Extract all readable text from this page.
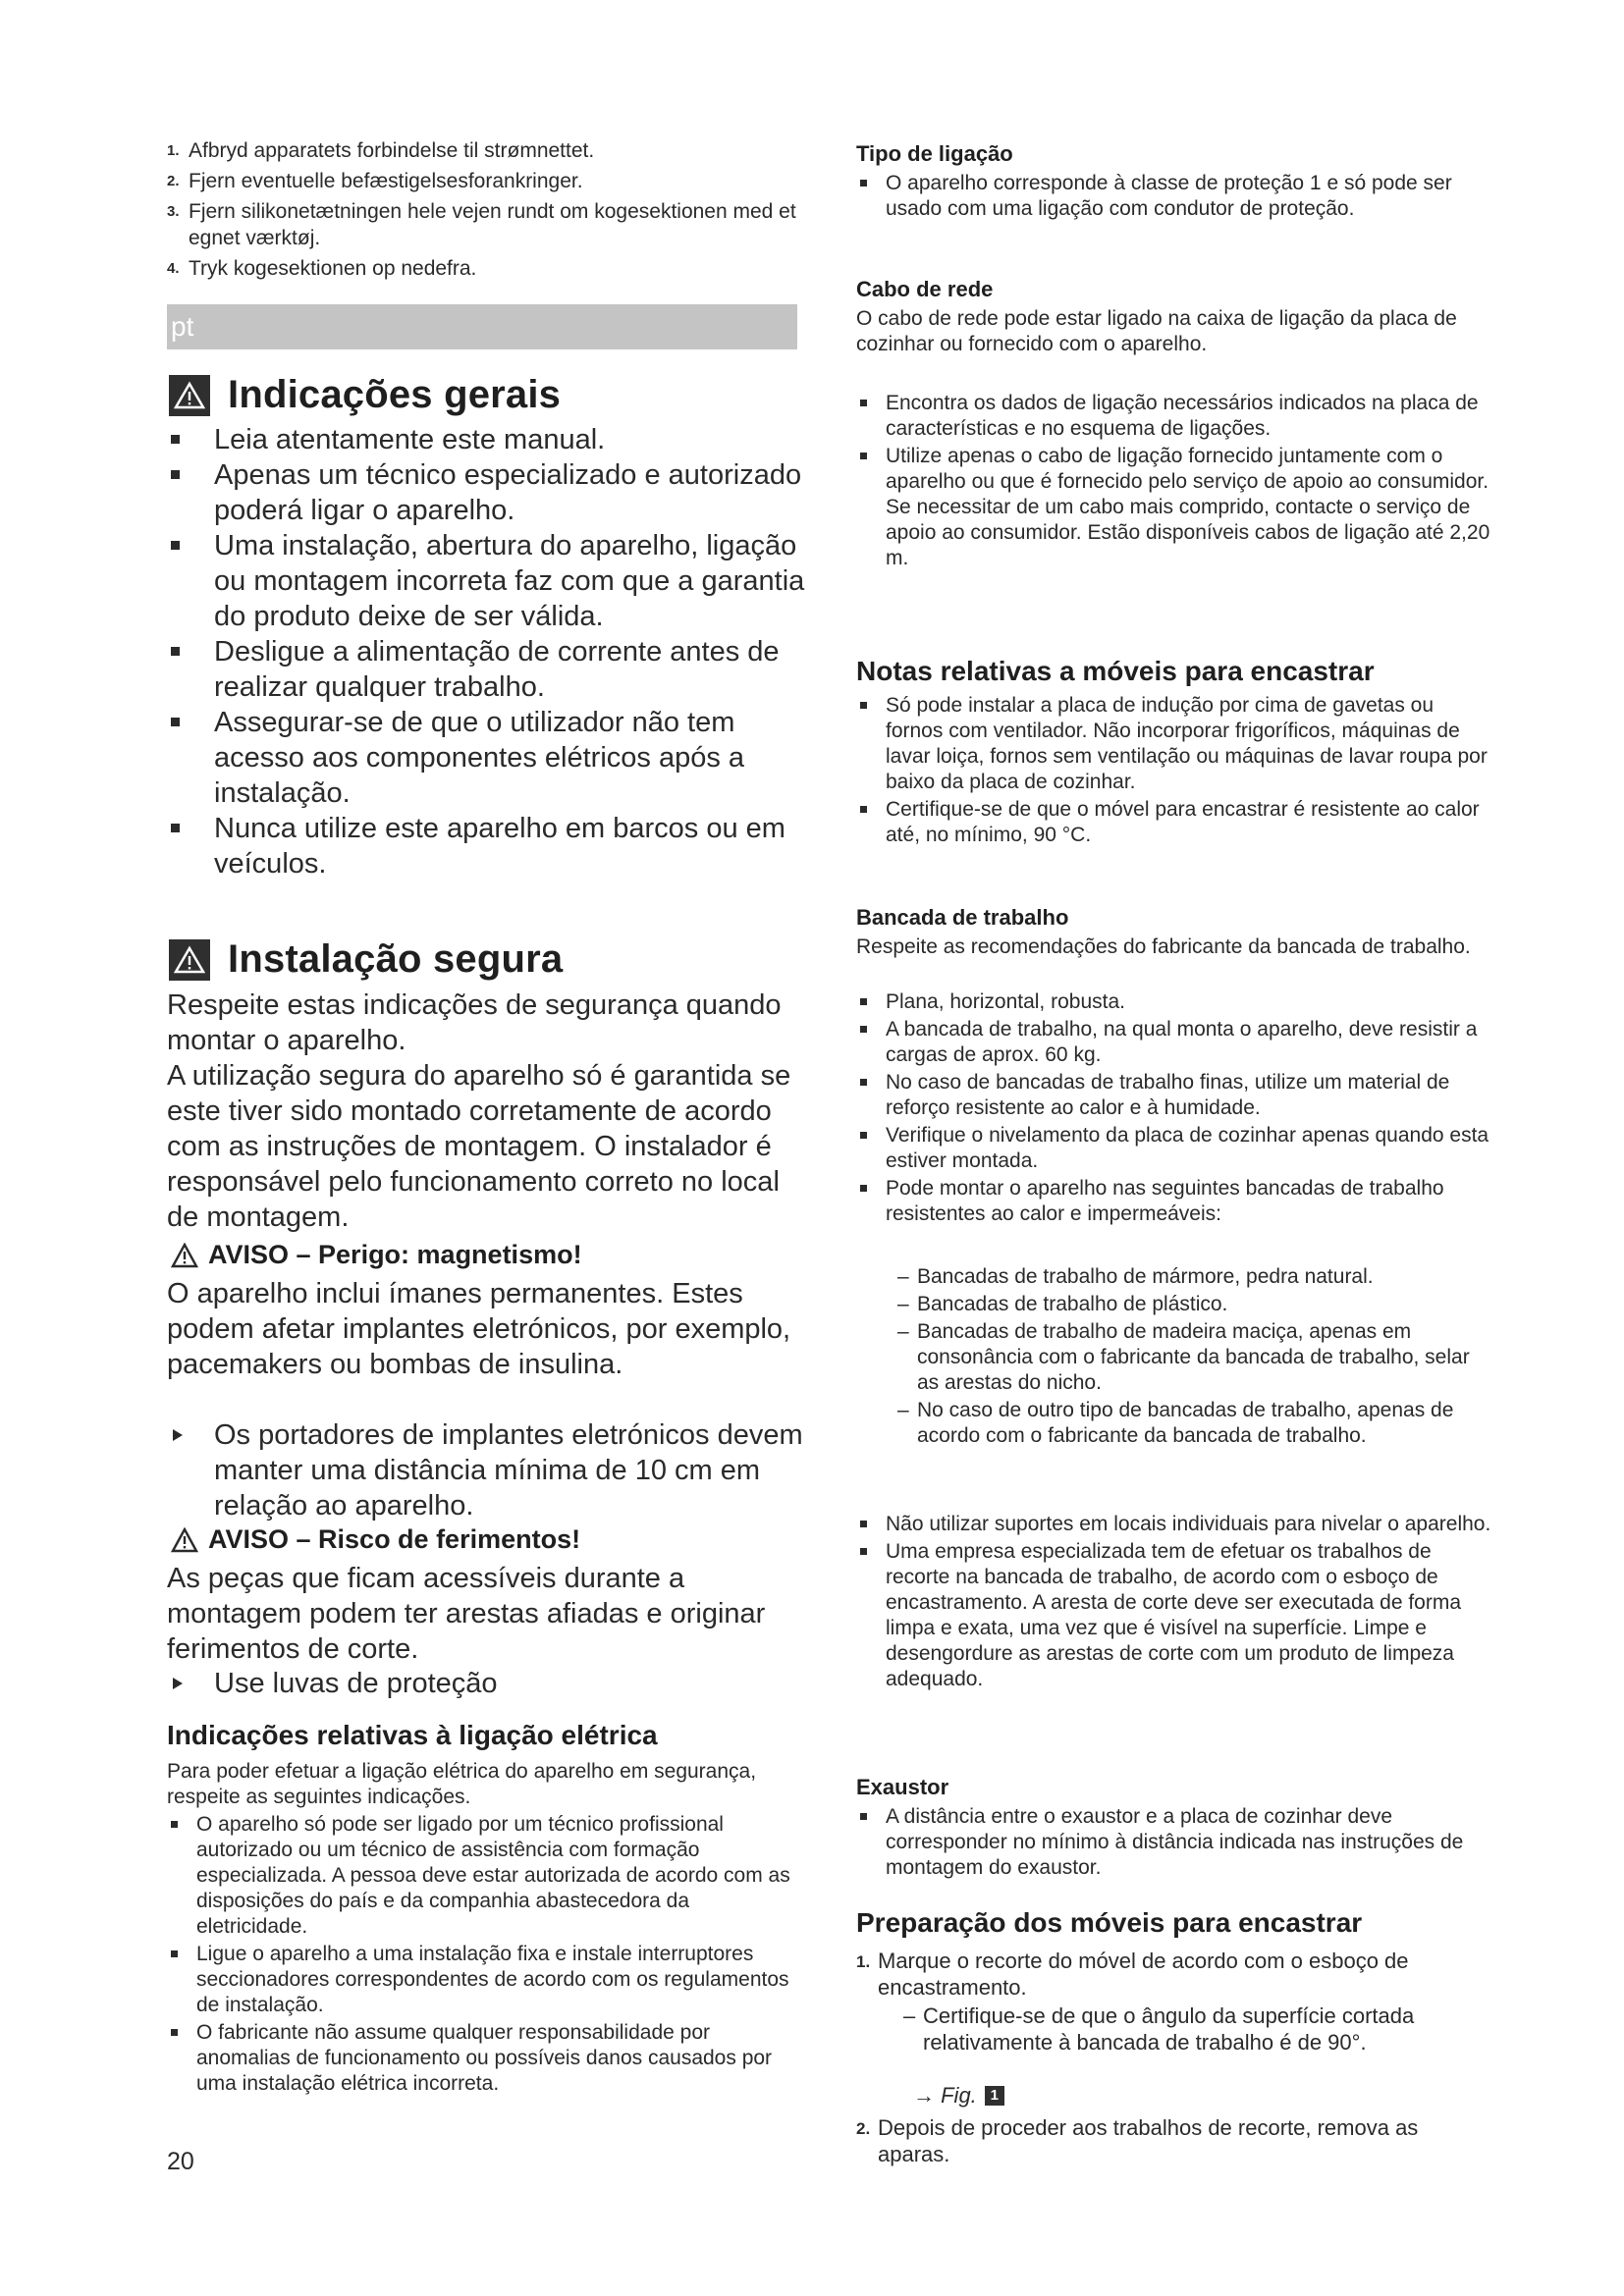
1. Afbryd apparatets forbindelse til strømnettet.
2. Fjern eventuelle befæstigelsesforankringer.
3. Fjern silikonetætningen hele vejen rundt om kogesektionen med et egnet værktøj.
4. Tryk kogesektionen op nedefra.
pt
Indicações gerais
Leia atentamente este manual.
Apenas um técnico especializado e autorizado poderá ligar o aparelho.
Uma instalação, abertura do aparelho, ligação ou montagem incorreta faz com que a garantia do produto deixe de ser válida.
Desligue a alimentação de corrente antes de realizar qualquer trabalho.
Assegurar-se de que o utilizador não tem acesso aos componentes elétricos após a instalação.
Nunca utilize este aparelho em barcos ou em veículos.
Instalação segura

Respeite estas indicações de segurança quando montar o aparelho.

A utilização segura do aparelho só é garantida se este tiver sido montado corretamente de acordo com as instruções de montagem. O instalador é responsável pelo funcionamento correto no local de montagem.

AVISO – Perigo: magnetismo!

O aparelho inclui ímanes permanentes. Estes podem afetar implantes eletrónicos, por exemplo, pacemakers ou bombas de insulina.

Os portadores de implantes eletrónicos devem manter uma distância mínima de 10 cm em relação ao aparelho.
AVISO – Risco de ferimentos!

As peças que ficam acessíveis durante a montagem podem ter arestas afiadas e originar ferimentos de corte.

Use luvas de proteção
Indicações relativas à ligação elétrica

Para poder efetuar a ligação elétrica do aparelho em segurança, respeite as seguintes indicações.

O aparelho só pode ser ligado por um técnico profissional autorizado ou um técnico de assistência com formação especializada. A pessoa deve estar autorizada de acordo com as disposições do país e da companhia abastecedora da eletricidade.
Ligue o aparelho a uma instalação fixa e instale interruptores seccionadores correspondentes de acordo com os regulamentos de instalação.
O fabricante não assume qualquer responsabilidade por anomalias de funcionamento ou possíveis danos causados por uma instalação elétrica incorreta.
20
Tipo de ligação
O aparelho corresponde à classe de proteção 1 e só pode ser usado com uma ligação com condutor de proteção.
Cabo de rede

O cabo de rede pode estar ligado na caixa de ligação da placa de cozinhar ou fornecido com o aparelho.

Encontra os dados de ligação necessários indicados na placa de características e no esquema de ligações.
Utilize apenas o cabo de ligação fornecido juntamente com o aparelho ou que é fornecido pelo serviço de apoio ao consumidor. Se necessitar de um cabo mais comprido, contacte o serviço de apoio ao consumidor. Estão disponíveis cabos de ligação até 2,20 m.
Notas relativas a móveis para encastrar
Só pode instalar a placa de indução por cima de gavetas ou fornos com ventilador. Não incorporar frigoríficos, máquinas de lavar loiça, fornos sem ventilação ou máquinas de lavar roupa por baixo da placa de cozinhar.
Certifique-se de que o móvel para encastrar é resistente ao calor até, no mínimo, 90 °C.
Bancada de trabalho

Respeite as recomendações do fabricante da bancada de trabalho.

Plana, horizontal, robusta.
A bancada de trabalho, na qual monta o aparelho, deve resistir a cargas de aprox. 60 kg.
No caso de bancadas de trabalho finas, utilize um material de reforço resistente ao calor e à humidade.
Verifique o nivelamento da placa de cozinhar apenas quando esta estiver montada.
Pode montar o aparelho nas seguintes bancadas de trabalho resistentes ao calor e impermeáveis:
– Bancadas de trabalho de mármore, pedra natural.
– Bancadas de trabalho de plástico.
– Bancadas de trabalho de madeira maciça, apenas em consonância com o fabricante da bancada de trabalho, selar as arestas do nicho.
– No caso de outro tipo de bancadas de trabalho, apenas de acordo com o fabricante da bancada de trabalho.
Não utilizar suportes em locais individuais para nivelar o aparelho.
Uma empresa especializada tem de efetuar os trabalhos de recorte na bancada de trabalho, de acordo com o esboço de encastramento. A aresta de corte deve ser executada de forma limpa e exata, uma vez que é visível na superfície. Limpe e desengordure as arestas de corte com um produto de limpeza adequado.
Exaustor
A distância entre o exaustor e a placa de cozinhar deve corresponder no mínimo à distância indicada nas instruções de montagem do exaustor.
Preparação dos móveis para encastrar
1. Marque o recorte do móvel de acordo com o esboço de encastramento.
– Certifique-se de que o ângulo da superfície cortada relativamente à bancada de trabalho é de 90°.
→ Fig. 1
2. Depois de proceder aos trabalhos de recorte, remova as aparas.
